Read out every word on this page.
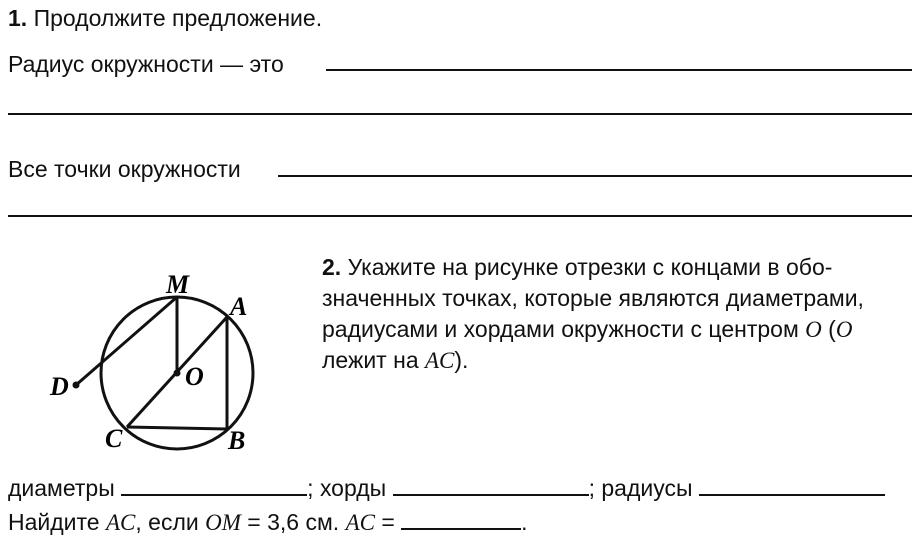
1. Продолжите предложение.
Радиус окружности — это
Все точки окружности
M
A
O
D
C	B
2. Укажите на рисунке отрезки с концами в обо-
значенных точках, которые являются диаметрами,
радиусами и хордами окружности с центром O (O
лежит на AC).
диаметры	; хорды	; радиусы
Найдите AC, если OM = 3,6 см. AC =	.
